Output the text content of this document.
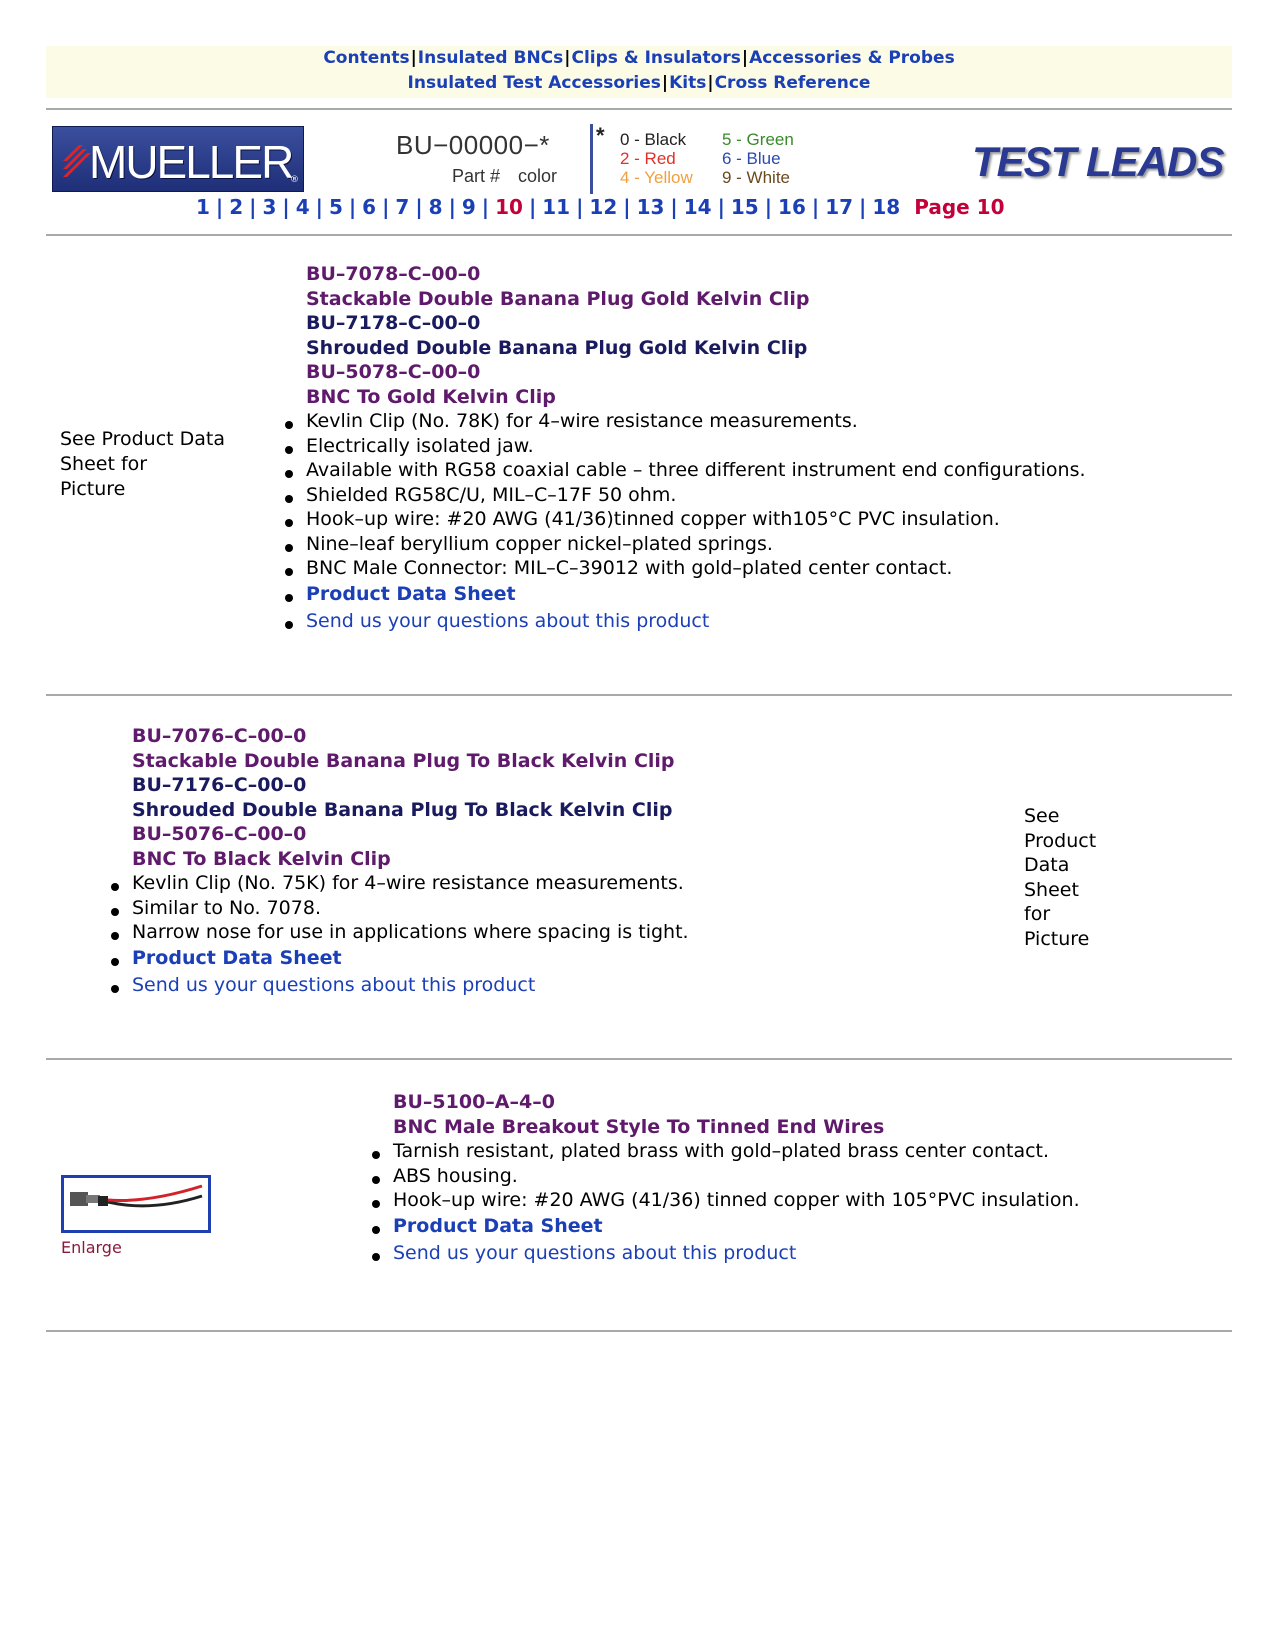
Contents|Insulated BNCs|Clips & Insulators|Accessories & Probes
Insulated Test Accessories|Kits|Cross Reference
MUELLER
®
BU−00000−*
Part # color
* 0 - Black
2 - Red
4 - Yellow
5 - Green
6 - Blue
9 - White	TEST LEADS
1 | 2 | 3 | 4 | 5 | 6 | 7 | 8 | 9 | 10 | 11 | 12 | 13 | 14 | 15 | 16 | 17 | 18 Page 10
See Product Data
Sheet for
Picture
BU–7078–C–00–0
Stackable Double Banana Plug Gold Kelvin Clip
BU–7178–C–00–0
Shrouded Double Banana Plug Gold Kelvin Clip
BU–5078–C–00–0
BNC To Gold Kelvin Clip
Kevlin Clip (No. 78K) for 4–wire resistance measurements.
Electrically isolated jaw.
Available with RG58 coaxial cable – three different instrument end configurations.
Shielded RG58C/U, MIL–C–17F 50 ohm.
Hook–up wire: #20 AWG (41/36)tinned copper with105°C PVC insulation.
Nine–leaf beryllium copper nickel–plated springs.
BNC Male Connector: MIL–C–39012 with gold–plated center contact.
Product Data Sheet
Send us your questions about this product
BU–7076–C–00–0
Stackable Double Banana Plug To Black Kelvin Clip
BU–7176–C–00–0
Shrouded Double Banana Plug To Black Kelvin Clip
BU–5076–C–00–0
BNC To Black Kelvin Clip
Kevlin Clip (No. 75K) for 4–wire resistance measurements.
Similar to No. 7078.
Narrow nose for use in applications where spacing is tight.
Product Data Sheet
Send us your questions about this product
See
Product
Data
Sheet
for
Picture
Enlarge
BU–5100–A–4–0
BNC Male Breakout Style To Tinned End Wires
Tarnish resistant, plated brass with gold–plated brass center contact.
ABS housing.
Hook–up wire: #20 AWG (41/36) tinned copper with 105°PVC insulation.
Product Data Sheet
Send us your questions about this product
